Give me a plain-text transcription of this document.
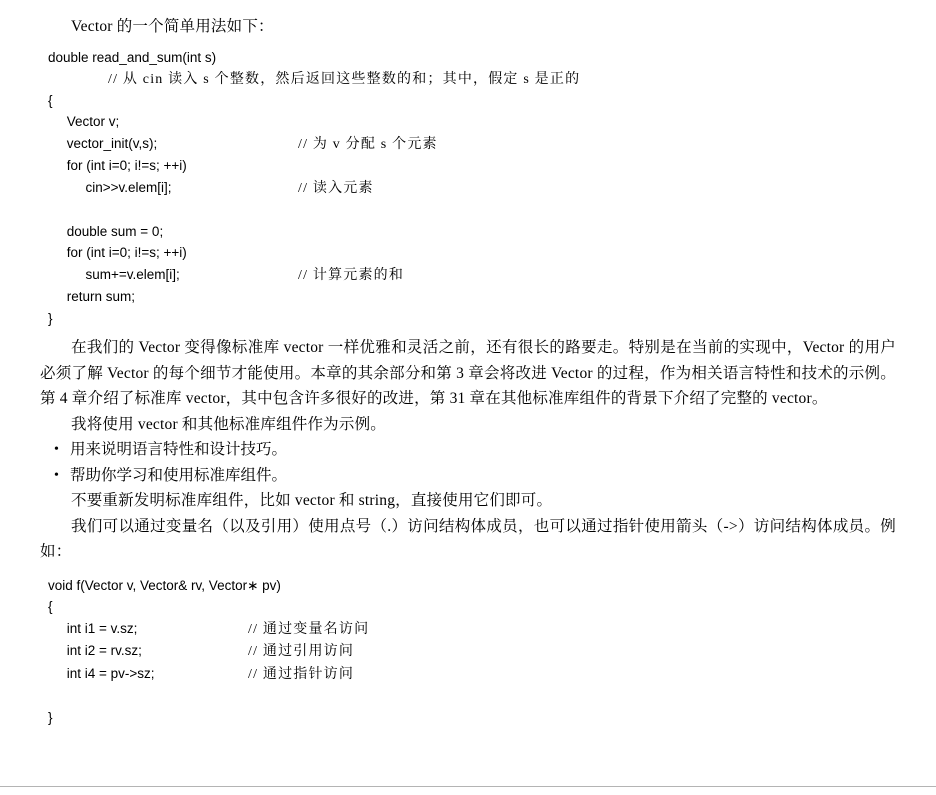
Vector 的一个简单用法如下：
double read_and_sum(int s)
// 从 cin 读入 s 个整数，然后返回这些整数的和；其中，假定 s 是正的
{
Vector v;
vector_init(v,s);	// 为 v 分配 s 个元素
for (int i=0; i!=s; ++i)
cin>>v.elem[i];	// 读入元素

double sum = 0;
for (int i=0; i!=s; ++i)
sum+=v.elem[i];	// 计算元素的和
return sum;
}
在我们的 Vector 变得像标准库 vector 一样优雅和灵活之前，还有很长的路要走。特别是在当前的实现中，Vector 的用户必须了解 Vector 的每个细节才能使用。本章的其余部分和第 3 章会将改进 Vector 的过程，作为相关语言特性和技术的示例。第 4 章介绍了标准库 vector，其中包含许多很好的改进，第 31 章在其他标准库组件的背景下介绍了完整的 vector。
我将使用 vector 和其他标准库组件作为示例。
• 用来说明语言特性和设计技巧。
• 帮助你学习和使用标准库组件。
不要重新发明标准库组件，比如 vector 和 string，直接使用它们即可。
我们可以通过变量名（以及引用）使用点号（.）访问结构体成员，也可以通过指针使用箭头（->）访问结构体成员。例如：
void f(Vector v, Vector& rv, Vector∗ pv)
{
int i1 = v.sz;	// 通过变量名访问
int i2 = rv.sz;	// 通过引用访问
int i4 = pv->sz;	// 通过指针访问

}
